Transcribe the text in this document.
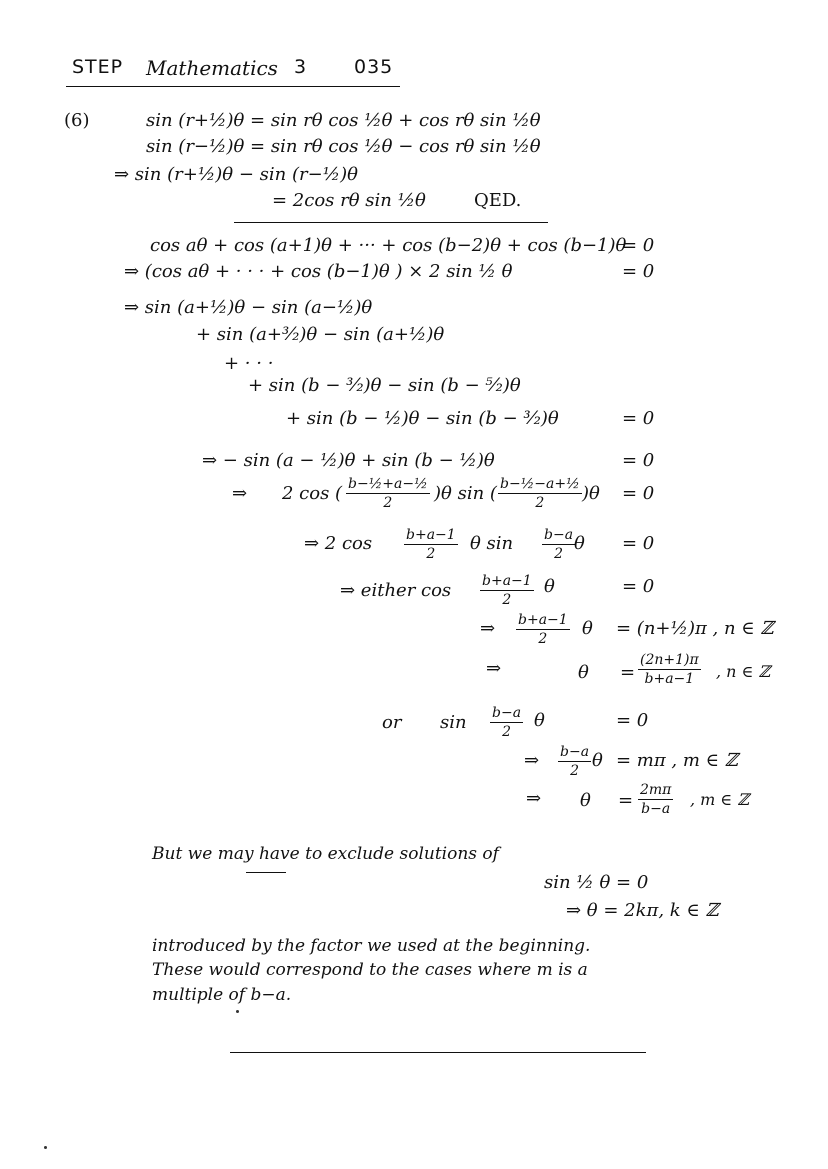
STEP Mathematics 3 035
(6)	sin (r+½)θ = sin rθ cos ½θ + cos rθ sin ½θ
sin (r−½)θ = sin rθ cos ½θ − cos rθ sin ½θ
⇒ sin (r+½)θ − sin (r−½)θ
= 2cos rθ sin ½θ	QED.
cos aθ + cos (a+1)θ + ··· + cos (b−2)θ + cos (b−1)θ
= 0
⇒ (cos aθ + · · · + cos (b−1)θ ) × 2 sin ½ θ	= 0
⇒ sin (a+½)θ − sin (a−½)θ
+ sin (a+³⁄₂)θ − sin (a+½)θ
+ · · ·
+ sin (b − ³⁄₂)θ − sin (b − ⁵⁄₂)θ
+ sin (b − ½)θ − sin (b − ³⁄₂)θ	= 0
⇒ − sin (a − ½)θ + sin (b − ½)θ	= 0
⇒ 2 cos ( $\frac{\text{b−½+a−½}}{2} )\theta$ sin ( $\frac{\text{b−½−a+½}}{2} )\theta = 0$
⇒ 2 $\cos \frac{b+a-1}{2}$ θ $\sin \frac{b-a}{2}$
θ = 0
⇒ either $\cos \frac{b+a-1}{2}$ θ	= 0
⇒ $\frac{b+a-1}{2}$ θ = (n+½)π , n ∈ ℤ
⇒	$\theta = \frac{(2n+1)\pi}{b+a-1}$ , n ∈ ℤ
or $\sin \frac{b-a}{2}$ θ	= 0
⇒ $\frac{b-a}{2}$ θ = mπ , m ∈ ℤ
⇒ $\theta = \frac{2m\pi}{b-a}$ , m ∈ ℤ
But we may have to exclude solutions of
sin ½ θ = 0
⇒ θ = 2kπ, k ∈ ℤ
introduced by the factor we used at the beginning.
These would correspond to the cases where m is a
multiple of b−a.
